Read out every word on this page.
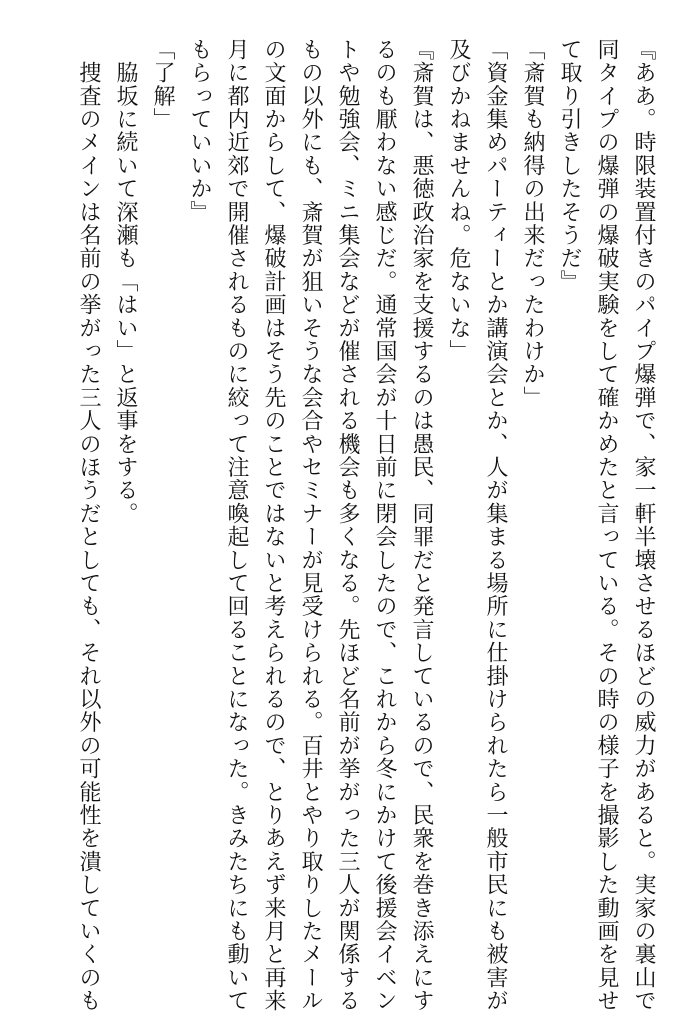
『ああ。時限装置付きのパイプ爆弾で、家一軒半壊させるほどの威力があると。実家の裏山で
同タイプの爆弾の爆破実験をして確かめたと言っている。その時の様子を撮影した動画を見せ
て取り引きしたそうだ』
「斎賀も納得の出来だったわけか」
「資金集めパーティーとか講演会とか、人が集まる場所に仕掛けられたら一般市民にも被害が
及びかねませんね。危ないな」
『斎賀は、悪徳政治家を支援するのは愚民、同罪だと発言しているので、民衆を巻き添えにす
るのも厭わない感じだ。通常国会が十日前に閉会したので、これから冬にかけて後援会イベン
トや勉強会、ミニ集会などが催される機会も多くなる。先ほど名前が挙がった三人が関係する
もの以外にも、斎賀が狙いそうな会合やセミナーが見受けられる。百井とやり取りしたメール
の文面からして、爆破計画はそう先のことではないと考えられるので、とりあえず来月と再来
月に都内近郊で開催されるものに絞って注意喚起して回ることになった。きみたちにも動いて
もらっていいか』
「了解」
　脇坂に続いて深瀬も「はい」と返事をする。
　捜査のメインは名前の挙がった三人のほうだとしても、それ以外の可能性を潰していくのも
